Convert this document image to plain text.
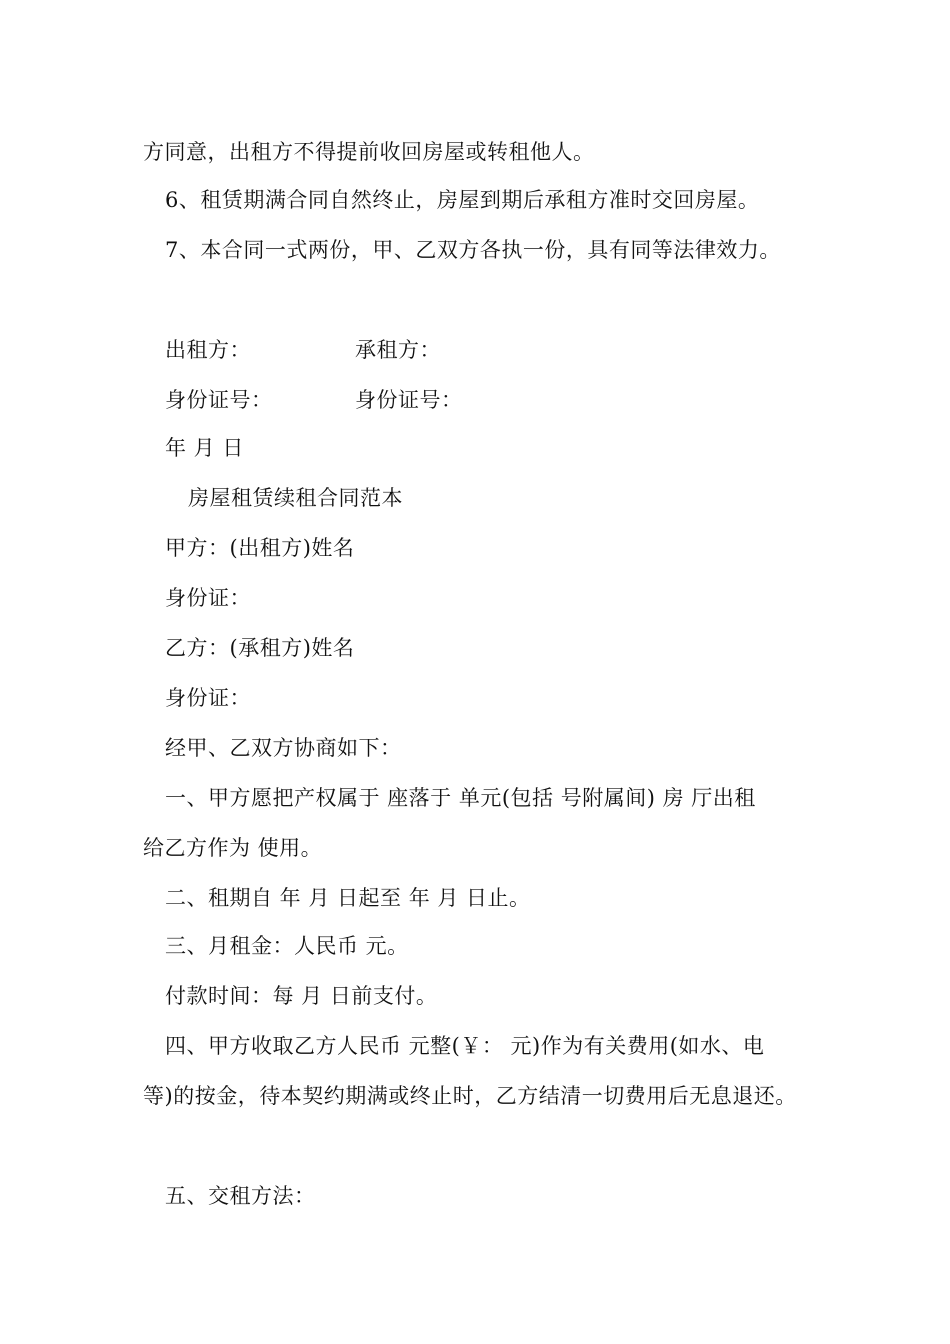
方同意，出租方不得提前收回房屋或转租他人。
6、租赁期满合同自然终止，房屋到期后承租方准时交回房屋。
7、本合同一式两份，甲、乙双方各执一份，具有同等法律效力。
出租方：	承租方：
身份证号：	身份证号：
年 月 日
房屋租赁续租合同范本
甲方：(出租方)姓名
身份证：
乙方：(承租方)姓名
身份证：
经甲、乙双方协商如下：
一、甲方愿把产权属于 座落于 单元(包括 号附属间) 房 厅出租
给乙方作为 使用。
二、租期自 年 月 日起至 年 月 日止。
三、月租金：人民币 元。
付款时间：每 月 日前支付。
四、甲方收取乙方人民币 元整(￥： 元)作为有关费用(如水、电
等)的按金，待本契约期满或终止时，乙方结清一切费用后无息退还。
五、交租方法：
